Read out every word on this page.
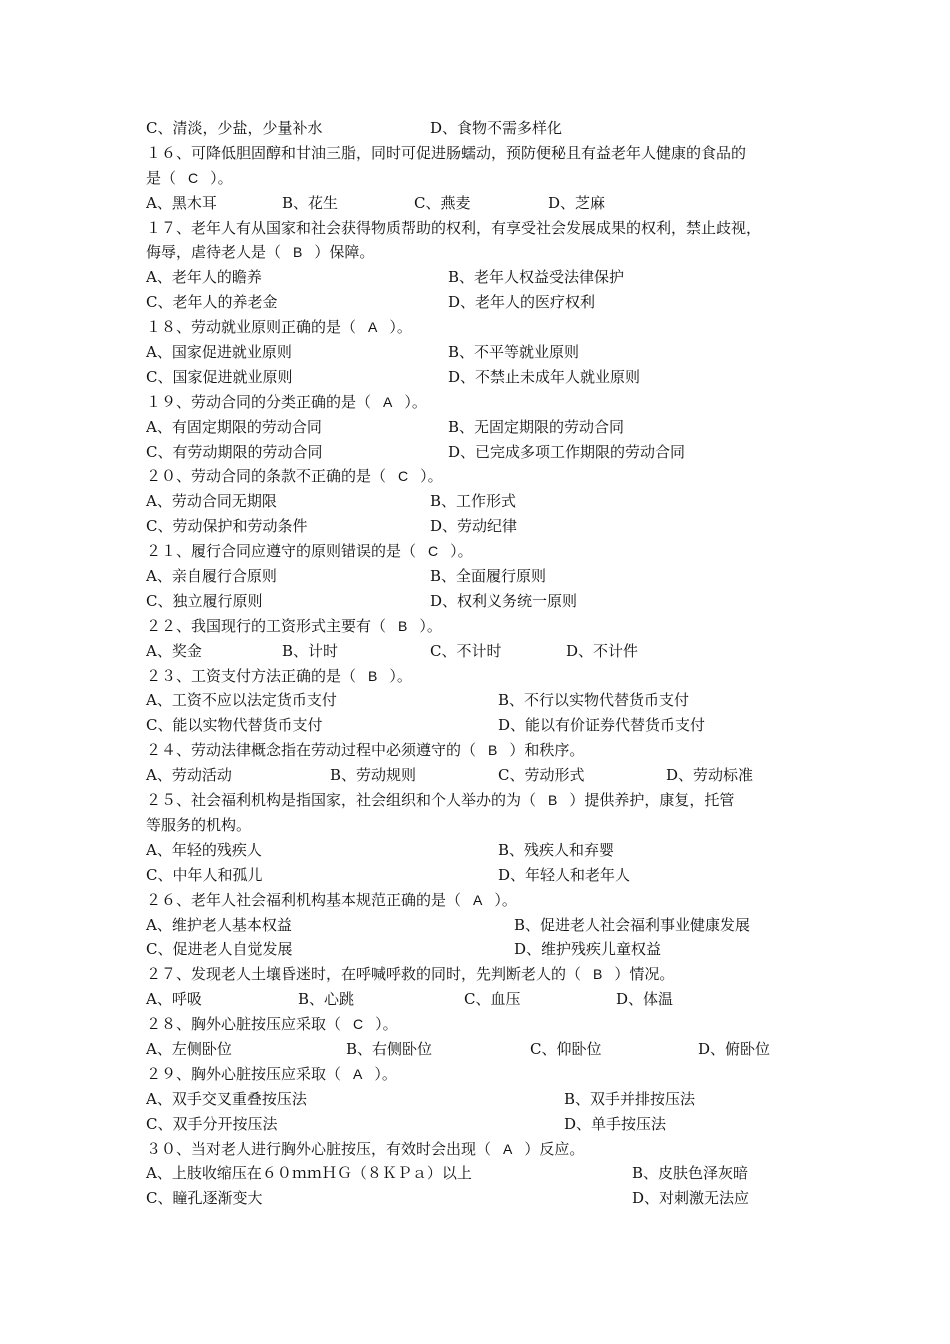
C、清淡，少盐，少量补水	D、食物不需多样化
１６、可降低胆固醇和甘油三脂，同时可促进肠蠕动，预防便秘且有益老年人健康的食品的
是（ C ）。
A、黑木耳	B、花生	C、燕麦	D、芝麻
１７、老年人有从国家和社会获得物质帮助的权利，有享受社会发展成果的权利，禁止歧视，
侮辱，虐待老人是（ B ）保障。
A、老年人的瞻养	B、老年人权益受法律保护
C、老年人的养老金	D、老年人的医疗权利
１８、劳动就业原则正确的是（ A ）。
A、国家促进就业原则	B、不平等就业原则
C、国家促进就业原则	D、不禁止未成年人就业原则
１９、劳动合同的分类正确的是（ A ）。
A、有固定期限的劳动合同	B、无固定期限的劳动合同
C、有劳动期限的劳动合同	D、已完成多项工作期限的劳动合同
２０、劳动合同的条款不正确的是（ C ）。
A、劳动合同无期限	B、工作形式
C、劳动保护和劳动条件	D、劳动纪律
２１、履行合同应遵守的原则错误的是（ C ）。
A、亲自履行合原则	B、全面履行原则
C、独立履行原则	D、权利义务统一原则
２２、我国现行的工资形式主要有（ B ）。
A、奖金	B、计时	C、不计时	D、不计件
２３、工资支付方法正确的是（ B ）。
A、工资不应以法定货币支付	B、不行以实物代替货币支付
C、能以实物代替货币支付	D、能以有价证券代替货币支付
２４、劳动法律概念指在劳动过程中必须遵守的（ B ）和秩序。
A、劳动活动	B、劳动规则	C、劳动形式	D、劳动标准
２５、社会福利机构是指国家，社会组织和个人举办的为（ B ）提供养护，康复，托管
等服务的机构。
A、年轻的残疾人	B、残疾人和弃婴
C、中年人和孤儿	D、年轻人和老年人
２６、老年人社会福利机构基本规范正确的是（ A ）。
A、维护老人基本权益	B、促进老人社会福利事业健康发展
C、促进老人自觉发展	D、维护残疾儿童权益
２７、发现老人土壤昏迷时，在呼喊呼救的同时，先判断老人的（ B ）情况。
A、呼吸	B、心跳	C、血压	D、体温
２８、胸外心脏按压应采取（ C ）。
A、左侧卧位	B、右侧卧位	C、仰卧位	D、俯卧位
２９、胸外心脏按压应采取（ A ）。
A、双手交叉重叠按压法	B、双手并排按压法
C、双手分开按压法	D、单手按压法
３０、当对老人进行胸外心脏按压，有效时会出现（ A ）反应。
A、上肢收缩压在６０ｍｍＨＧ（８ＫＰａ）以上	B、皮肤色泽灰暗
C、瞳孔逐渐变大	D、对刺激无法应
